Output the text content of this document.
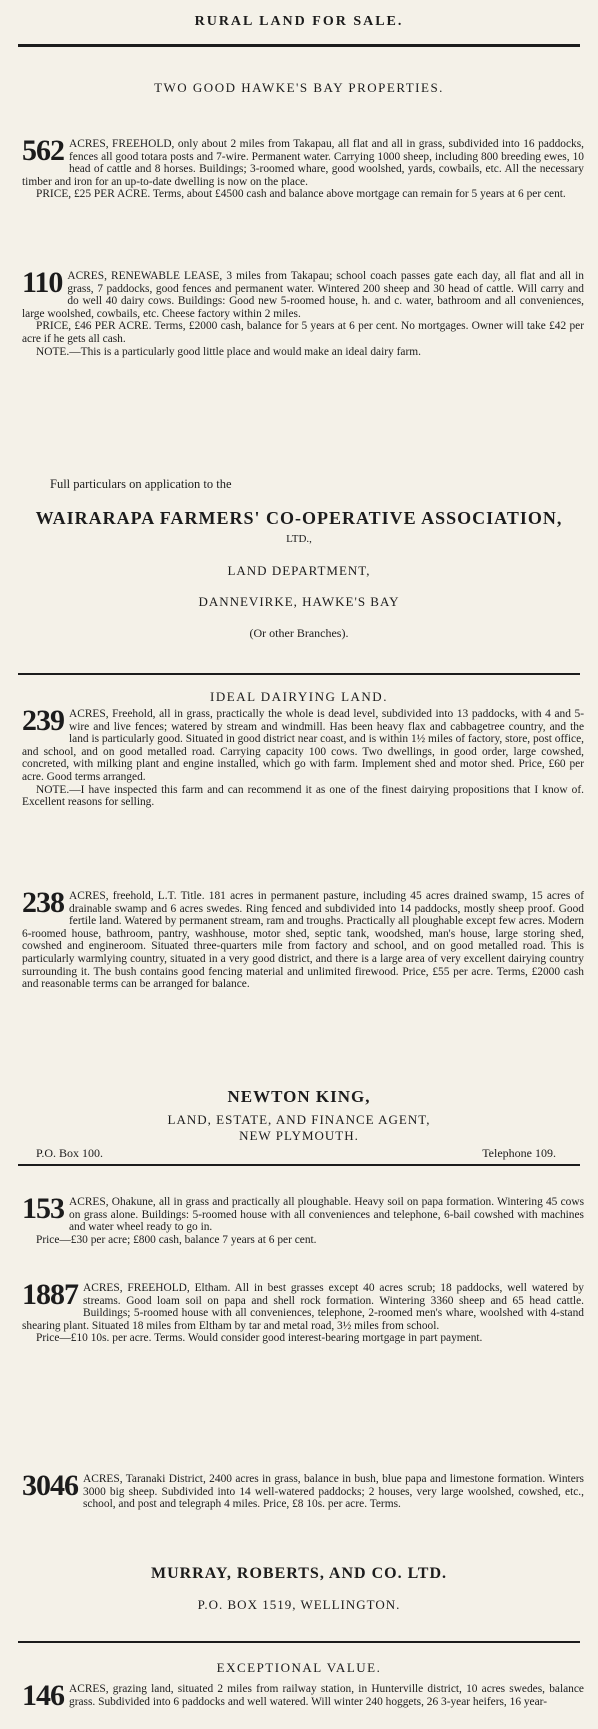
RURAL LAND FOR SALE.
TWO GOOD HAWKE'S BAY PROPERTIES.
562 ACRES, FREEHOLD, only about 2 miles from Takapau, all flat and all in grass, subdivided into 16 paddocks, fences all good totara posts and 7-wire. Permanent water. Carrying 1000 sheep, including 800 breeding ewes, 10 head of cattle and 8 horses. Buildings; 3-roomed whare, good woolshed, yards, cowbails, etc. All the necessary timber and iron for an up-to-date dwelling is now on the place.

PRICE, £25 PER ACRE. Terms, about £4500 cash and balance above mortgage can remain for 5 years at 6 per cent.

110 ACRES, RENEWABLE LEASE, 3 miles from Takapau; school coach passes gate each day, all flat and all in grass, 7 paddocks, good fences and permanent water. Wintered 200 sheep and 30 head of cattle. Will carry and do well 40 dairy cows. Buildings: Good new 5-roomed house, h. and c. water, bathroom and all conveniences, large woolshed, cowbails, etc. Cheese factory within 2 miles.

PRICE, £46 PER ACRE. Terms, £2000 cash, balance for 5 years at 6 per cent. No mortgages. Owner will take £42 per acre if he gets all cash.

NOTE.—This is a particularly good little place and would make an ideal dairy farm.

Full particulars on application to the
WAIRARAPA FARMERS' CO-OPERATIVE ASSOCIATION,
LTD.,
LAND DEPARTMENT,
DANNEVIRKE, HAWKE'S BAY
(Or other Branches).
IDEAL DAIRYING LAND.
239 ACRES, Freehold, all in grass, practically the whole is dead level, subdivided into 13 paddocks, with 4 and 5-wire and live fences; watered by stream and windmill. Has been heavy flax and cabbagetree country, and the land is particularly good. Situated in good district near coast, and is within 1½ miles of factory, store, post office, and school, and on good metalled road. Carrying capacity 100 cows. Two dwellings, in good order, large cowshed, concreted, with milking plant and engine installed, which go with farm. Implement shed and motor shed. Price, £60 per acre. Good terms arranged.

NOTE.—I have inspected this farm and can recommend it as one of the finest dairying propositions that I know of. Excellent reasons for selling.

238 ACRES, freehold, L.T. Title. 181 acres in permanent pasture, including 45 acres drained swamp, 15 acres of drainable swamp and 6 acres swedes. Ring fenced and subdivided into 14 paddocks, mostly sheep proof. Good fertile land. Watered by permanent stream, ram and troughs. Practically all ploughable except few acres. Modern 6-roomed house, bathroom, pantry, washhouse, motor shed, septic tank, woodshed, man's house, large storing shed, cowshed and engineroom. Situated three-quarters mile from factory and school, and on good metalled road. This is particularly warmlying country, situated in a very good district, and there is a large area of very excellent dairying country surrounding it. The bush contains good fencing material and unlimited firewood. Price, £55 per acre. Terms, £2000 cash and reasonable terms can be arranged for balance.

NEWTON KING,
LAND, ESTATE, AND FINANCE AGENT,
NEW PLYMOUTH.
P.O. Box 100.	Telephone 109.
153 ACRES, Ohakune, all in grass and practically all ploughable. Heavy soil on papa formation. Wintering 45 cows on grass alone. Buildings: 5-roomed house with all conveniences and telephone, 6-bail cowshed with machines and water wheel ready to go in.

Price—£30 per acre; £800 cash, balance 7 years at 6 per cent.

1887 ACRES, FREEHOLD, Eltham. All in best grasses except 40 acres scrub; 18 paddocks, well watered by streams. Good loam soil on papa and shell rock formation. Wintering 3360 sheep and 65 head cattle. Buildings; 5-roomed house with all conveniences, telephone, 2-roomed men's whare, woolshed with 4-stand shearing plant. Situated 18 miles from Eltham by tar and metal road, 3½ miles from school.

Price—£10 10s. per acre. Terms. Would consider good interest-bearing mortgage in part payment.

3046 ACRES, Taranaki District, 2400 acres in grass, balance in bush, blue papa and limestone formation. Winters 3000 big sheep. Subdivided into 14 well-watered paddocks; 2 houses, very large woolshed, cowshed, etc., school, and post and telegraph 4 miles. Price, £8 10s. per acre. Terms.

MURRAY, ROBERTS, AND CO. LTD.
P.O. BOX 1519, WELLINGTON.
EXCEPTIONAL VALUE.
146 ACRES, grazing land, situated 2 miles from railway station, in Hunterville district, 10 acres swedes, balance grass. Subdivided into 6 paddocks and well watered. Will winter 240 hoggets, 26 3-year heifers, 16 year-
